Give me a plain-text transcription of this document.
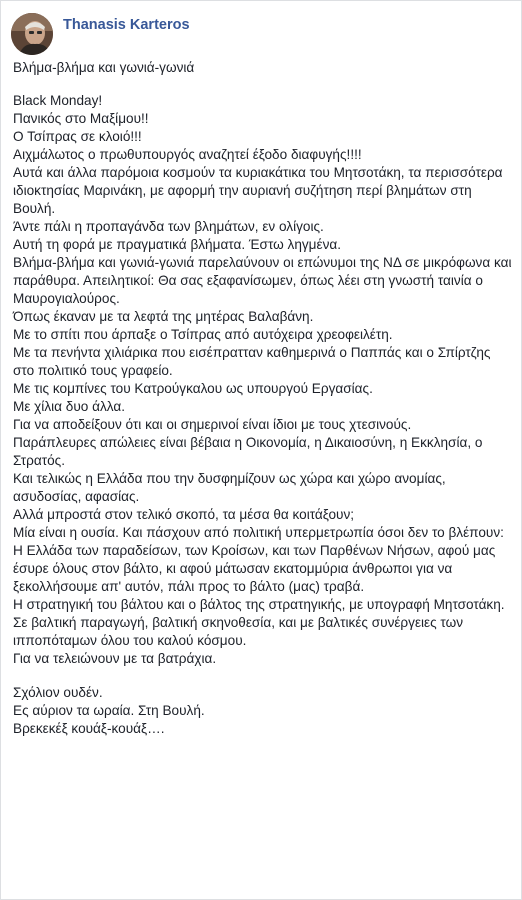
Thanasis Karteros

Βλήμα-βλήμα και γωνιά-γωνιά

Black Monday!

Πανικός στο Μαξίμου!!

Ο Τσίπρας σε κλοιό!!!

Αιχμάλωτος ο πρωθυπουργός αναζητεί έξοδο διαφυγής!!!!

Αυτά και άλλα παρόμοια κοσμούν τα κυριακάτικα του Μητσοτάκη, τα περισσότερα ιδιοκτησίας Μαρινάκη, με αφορμή την αυριανή συζήτηση περί βλημάτων στη Βουλή.

Άντε πάλι η προπαγάνδα των βλημάτων, εν ολίγοις.

Αυτή τη φορά με πραγματικά βλήματα. Έστω ληγμένα.

Βλήμα-βλήμα και γωνιά-γωνιά παρελαύνουν οι επώνυμοι της ΝΔ σε μικρόφωνα και παράθυρα. Απειλητικοί: Θα σας εξαφανίσωμεν, όπως λέει στη γνωστή ταινία ο Μαυρογιαλούρος.

Όπως έκαναν με τα λεφτά της μητέρας Βαλαβάνη.

Με το σπίτι που άρπαξε ο Τσίπρας από αυτόχειρα χρεοφειλέτη.

Με τα πενήντα χιλιάρικα που εισέπρατταν καθημερινά ο Παππάς και ο Σπίρτζης στο πολιτικό τους γραφείο.

Με τις κομπίνες του Κατρούγκαλου ως υπουργού Εργασίας.

Με χίλια δυο άλλα.

Για να αποδείξουν ότι και οι σημερινοί είναι ίδιοι με τους χτεσινούς.

Παράπλευρες απώλειες είναι βέβαια η Οικονομία, η Δικαιοσύνη, η Εκκλησία, ο Στρατός.

Και τελικώς η Ελλάδα που την δυσφημίζουν ως χώρα και χώρο ανομίας, ασυδοσίας, αφασίας.

Αλλά μπροστά στον τελικό σκοπό, τα μέσα θα κοιτάξουν;

Μία είναι η ουσία. Και πάσχουν από πολιτική υπερμετρωπία όσοι δεν το βλέπουν:

Η Ελλάδα των παραδείσων, των Κροίσων, και των Παρθένων Νήσων, αφού μας έσυρε όλους στον βάλτο, κι αφού μάτωσαν εκατομμύρια άνθρωποι για να ξεκολλήσουμε απ' αυτόν, πάλι προς το βάλτο (μας) τραβά.

Η στρατηγική του βάλτου και ο βάλτος της στρατηγικής, με υπογραφή Μητσοτάκη.

Σε βαλτική παραγωγή, βαλτική σκηνοθεσία, και με βαλτικές συνέργειες των ιπποπόταμων όλου του καλού κόσμου.

Για να τελειώνουν με τα βατράχια.

Σχόλιον ουδέν.

Ες αύριον τα ωραία. Στη Βουλή.

Βρεκεκέξ κουάξ-κουάξ….
